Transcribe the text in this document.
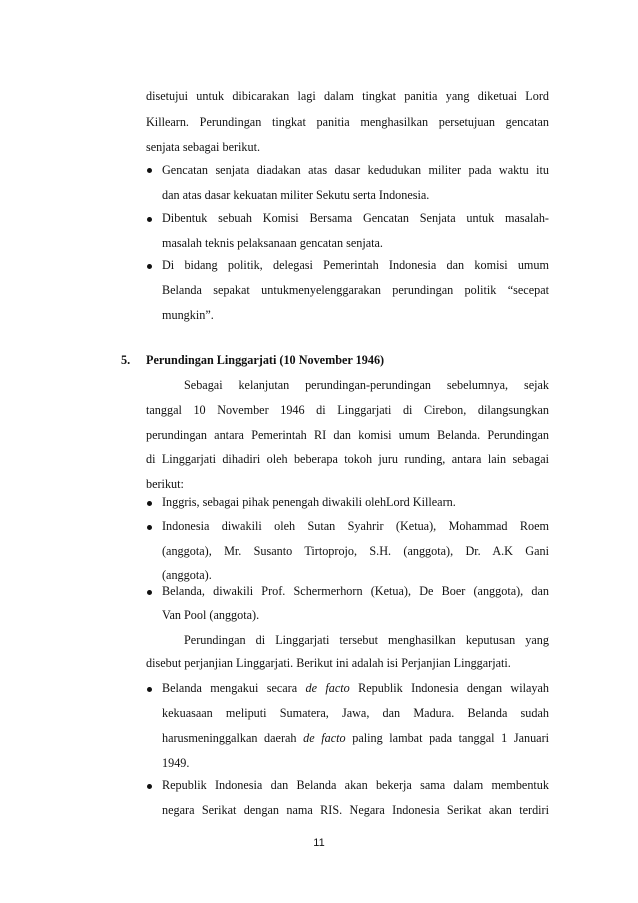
disetujui untuk dibicarakan lagi dalam tingkat panitia yang diketuai Lord
Killearn. Perundingan tingkat panitia menghasilkan persetujuan gencatan
senjata sebagai berikut.
Gencatan senjata diadakan atas dasar kedudukan militer pada waktu itu
dan atas dasar kekuatan militer Sekutu serta Indonesia.
Dibentuk sebuah Komisi Bersama Gencatan Senjata untuk masalah-
masalah teknis pelaksanaan gencatan senjata.
Di bidang politik, delegasi Pemerintah Indonesia dan komisi umum
Belanda sepakat untukmenyelenggarakan perundingan politik “secepat
mungkin”.
5. Perundingan Linggarjati (10 November 1946)
Sebagai kelanjutan perundingan-perundingan sebelumnya, sejak
tanggal 10 November 1946 di Linggarjati di Cirebon, dilangsungkan
perundingan antara Pemerintah RI dan komisi umum Belanda. Perundingan
di Linggarjati dihadiri oleh beberapa tokoh juru runding, antara lain sebagai
berikut:
Inggris, sebagai pihak penengah diwakili olehLord Killearn.
Indonesia diwakili oleh Sutan Syahrir (Ketua), Mohammad Roem
(anggota), Mr. Susanto Tirtoprojo, S.H. (anggota), Dr. A.K Gani
(anggota).
Belanda, diwakili Prof. Schermerhorn (Ketua), De Boer (anggota), dan
Van Pool (anggota).
Perundingan di Linggarjati tersebut menghasilkan keputusan yang
disebut perjanjian Linggarjati. Berikut ini adalah isi Perjanjian Linggarjati.
Belanda mengakui secara de facto Republik Indonesia dengan wilayah
kekuasaan meliputi Sumatera, Jawa, dan Madura. Belanda sudah
harusmeninggalkan daerah de facto paling lambat pada tanggal 1 Januari
1949.
Republik Indonesia dan Belanda akan bekerja sama dalam membentuk
negara Serikat dengan nama RIS. Negara Indonesia Serikat akan terdiri
11
